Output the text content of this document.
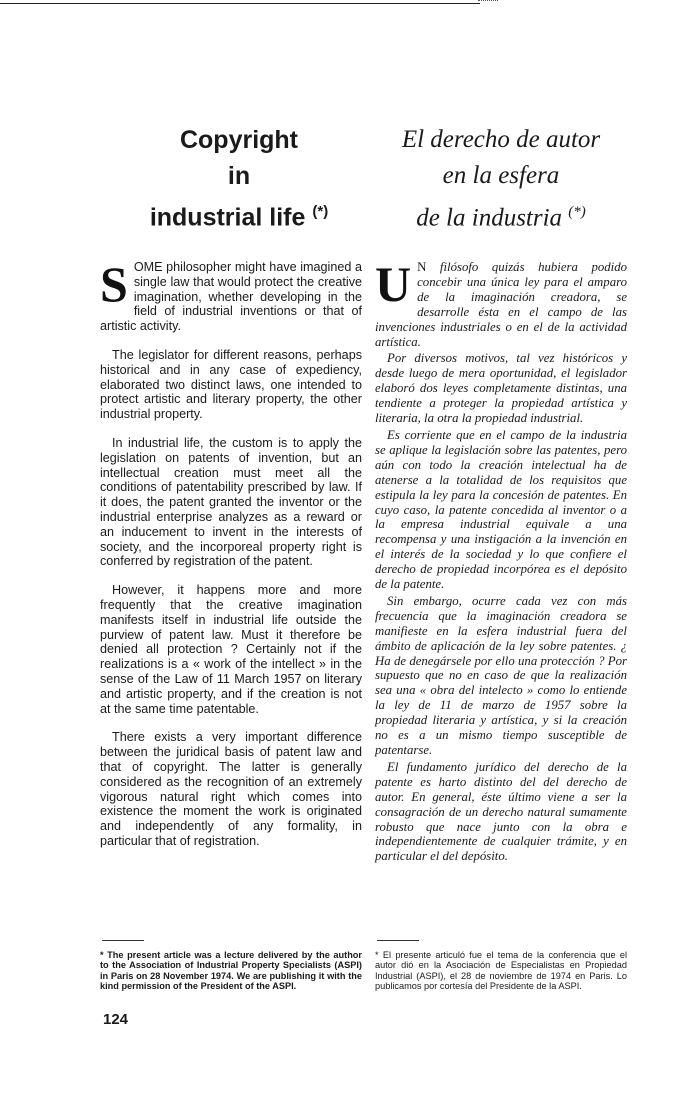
Copyright
in
industrial life (*)

SOME philosopher might have imagined a single law that would protect the creative imagination, whether developing in the field of industrial inventions or that of artistic activity.

The legislator for different reasons, perhaps historical and in any case of expediency, elaborated two distinct laws, one intended to protect artistic and literary property, the other industrial property.

In industrial life, the custom is to apply the legislation on patents of invention, but an intellectual creation must meet all the conditions of patentability prescribed by law. If it does, the patent granted the inventor or the industrial enterprise analyzes as a reward or an inducement to invent in the interests of society, and the incorporeal property right is conferred by registration of the patent.

However, it happens more and more frequently that the creative imagination manifests itself in industrial life outside the purview of patent law. Must it therefore be denied all protection ? Certainly not if the realizations is a « work of the intellect » in the sense of the Law of 11 March 1957 on literary and artistic property, and if the creation is not at the same time patentable.

There exists a very important difference between the juridical basis of patent law and that of copyright. The latter is generally considered as the recognition of an extremely vigorous natural right which comes into existence the moment the work is originated and independently of any formality, in particular that of registration.

* The present article was a lecture delivered by the author to the Association of Industrial Property Specialists (ASPI) in Paris on 28 November 1974. We are publishing it with the kind permission of the President of the ASPI.
El derecho de autor
en la esfera
de la industria (*)

U N filósofo quizás hubiera podido concebir una única ley para el amparo de la imaginación creadora, se desarrolle ésta en el campo de las invenciones industriales o en el de la actividad artística.

Por diversos motivos, tal vez históricos y desde luego de mera oportunidad, el legislador elaboró dos leyes completamente distintas, una tendiente a proteger la propiedad artística y literaria, la otra la propiedad industrial.

Es corriente que en el campo de la industria se aplique la legislación sobre las patentes, pero aún con todo la creación intelectual ha de atenerse a la totalidad de los requisitos que estipula la ley para la concesión de patentes. En cuyo caso, la patente concedida al inventor o a la empresa industrial equivale a una recompensa y una instigación a la invención en el interés de la sociedad y lo que confiere el derecho de propiedad incorpórea es el depósito de la patente.

Sin embargo, ocurre cada vez con más frecuencia que la imaginación creadora se manifieste en la esfera industrial fuera del ámbito de aplicación de la ley sobre patentes. ¿ Ha de denegársele por ello una protección ? Por supuesto que no en caso de que la realización sea una « obra del intelecto » como lo entiende la ley de 11 de marzo de 1957 sobre la propiedad literaria y artística, y si la creación no es a un mismo tiempo susceptible de patentarse.

El fundamento jurídico del derecho de la patente es harto distinto del del derecho de autor. En general, éste último viene a ser la consagración de un derecho natural sumamente robusto que nace junto con la obra e independientemente de cualquier trámite, y en particular el del depósito.

* El presente articuló fue el tema de la conferencia que el autor dió en la Asociación de Especialistas en Propiedad Industrial (ASPI), el 28 de noviembre de 1974 en Paris. Lo publicamos por cortesía del Presidente de la ASPI.
124
